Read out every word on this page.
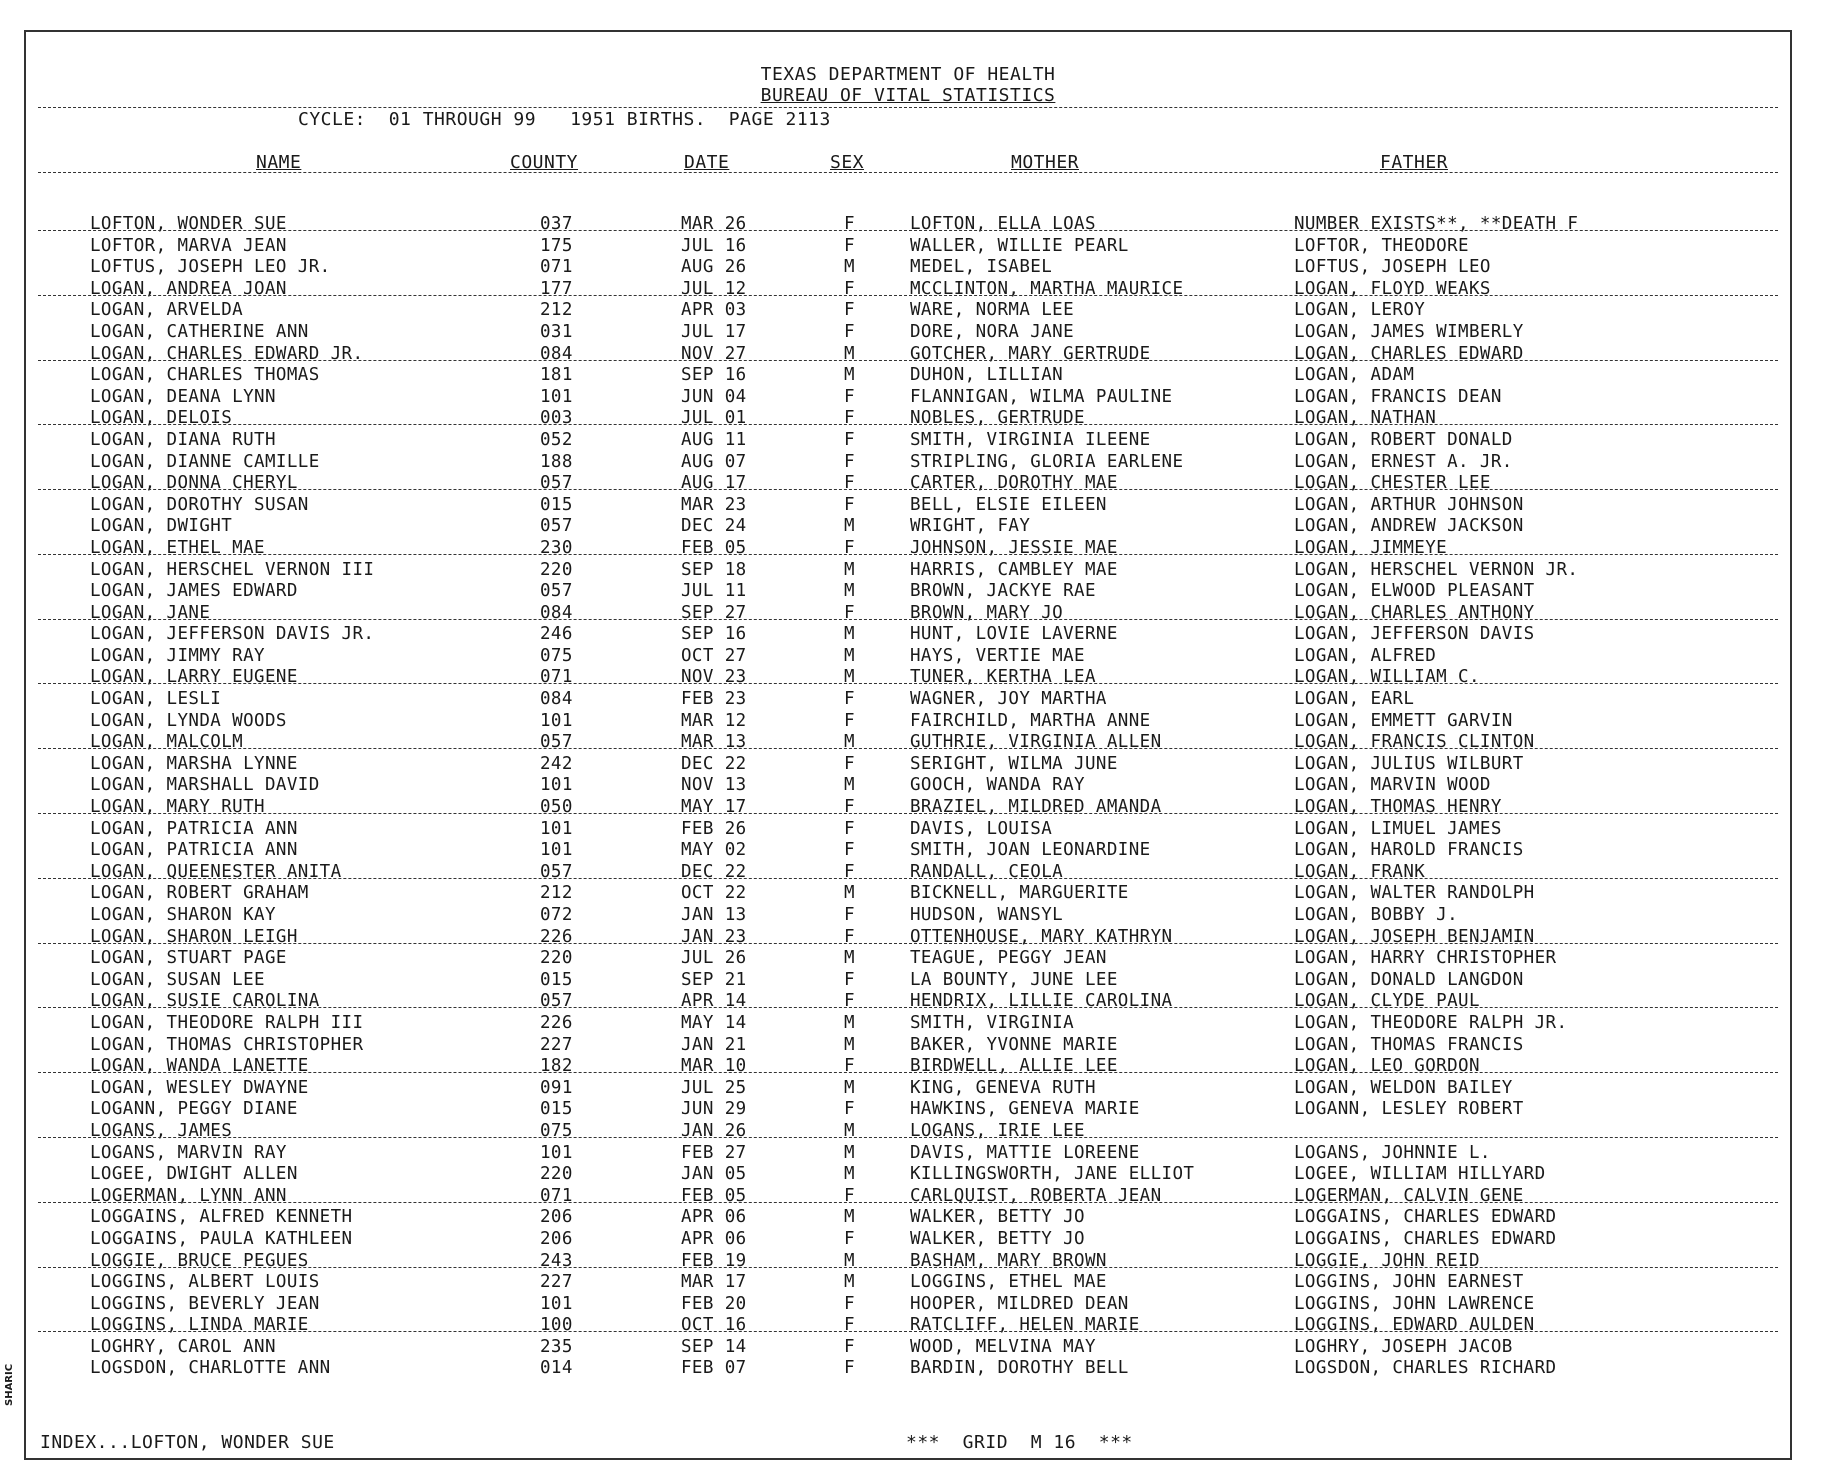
TEXAS DEPARTMENT OF HEALTH
BUREAU OF VITAL STATISTICS
CYCLE:  01 THROUGH 99   1951 BIRTHS.  PAGE 2113
NAME	COUNTY	DATE	SEX	MOTHER	FATHER
LOFTON, WONDER SUE	037	MAR 26	F	LOFTON, ELLA LOAS	NUMBER EXISTS**, **DEATH F
LOFTOR, MARVA JEAN	175	JUL 16	F	WALLER, WILLIE PEARL	LOFTOR, THEODORE
LOFTUS, JOSEPH LEO JR.	071	AUG 26	M	MEDEL, ISABEL	LOFTUS, JOSEPH LEO
LOGAN, ANDREA JOAN	177	JUL 12	F	MCCLINTON, MARTHA MAURICE	LOGAN, FLOYD WEAKS
LOGAN, ARVELDA	212	APR 03	F	WARE, NORMA LEE	LOGAN, LEROY
LOGAN, CATHERINE ANN	031	JUL 17	F	DORE, NORA JANE	LOGAN, JAMES WIMBERLY
LOGAN, CHARLES EDWARD JR.	084	NOV 27	M	GOTCHER, MARY GERTRUDE	LOGAN, CHARLES EDWARD
LOGAN, CHARLES THOMAS	181	SEP 16	M	DUHON, LILLIAN	LOGAN, ADAM
LOGAN, DEANA LYNN	101	JUN 04	F	FLANNIGAN, WILMA PAULINE	LOGAN, FRANCIS DEAN
LOGAN, DELOIS	003	JUL 01	F	NOBLES, GERTRUDE	LOGAN, NATHAN
LOGAN, DIANA RUTH	052	AUG 11	F	SMITH, VIRGINIA ILEENE	LOGAN, ROBERT DONALD
LOGAN, DIANNE CAMILLE	188	AUG 07	F	STRIPLING, GLORIA EARLENE	LOGAN, ERNEST A. JR.
LOGAN, DONNA CHERYL	057	AUG 17	F	CARTER, DOROTHY MAE	LOGAN, CHESTER LEE
LOGAN, DOROTHY SUSAN	015	MAR 23	F	BELL, ELSIE EILEEN	LOGAN, ARTHUR JOHNSON
LOGAN, DWIGHT	057	DEC 24	M	WRIGHT, FAY	LOGAN, ANDREW JACKSON
LOGAN, ETHEL MAE	230	FEB 05	F	JOHNSON, JESSIE MAE	LOGAN, JIMMEYE
LOGAN, HERSCHEL VERNON III	220	SEP 18	M	HARRIS, CAMBLEY MAE	LOGAN, HERSCHEL VERNON JR.
LOGAN, JAMES EDWARD	057	JUL 11	M	BROWN, JACKYE RAE	LOGAN, ELWOOD PLEASANT
LOGAN, JANE	084	SEP 27	F	BROWN, MARY JO	LOGAN, CHARLES ANTHONY
LOGAN, JEFFERSON DAVIS JR.	246	SEP 16	M	HUNT, LOVIE LAVERNE	LOGAN, JEFFERSON DAVIS
LOGAN, JIMMY RAY	075	OCT 27	M	HAYS, VERTIE MAE	LOGAN, ALFRED
LOGAN, LARRY EUGENE	071	NOV 23	M	TUNER, KERTHA LEA	LOGAN, WILLIAM C.
LOGAN, LESLI	084	FEB 23	F	WAGNER, JOY MARTHA	LOGAN, EARL
LOGAN, LYNDA WOODS	101	MAR 12	F	FAIRCHILD, MARTHA ANNE	LOGAN, EMMETT GARVIN
LOGAN, MALCOLM	057	MAR 13	M	GUTHRIE, VIRGINIA ALLEN	LOGAN, FRANCIS CLINTON
LOGAN, MARSHA LYNNE	242	DEC 22	F	SERIGHT, WILMA JUNE	LOGAN, JULIUS WILBURT
LOGAN, MARSHALL DAVID	101	NOV 13	M	GOOCH, WANDA RAY	LOGAN, MARVIN WOOD
LOGAN, MARY RUTH	050	MAY 17	F	BRAZIEL, MILDRED AMANDA	LOGAN, THOMAS HENRY
LOGAN, PATRICIA ANN	101	FEB 26	F	DAVIS, LOUISA	LOGAN, LIMUEL JAMES
LOGAN, PATRICIA ANN	101	MAY 02	F	SMITH, JOAN LEONARDINE	LOGAN, HAROLD FRANCIS
LOGAN, QUEENESTER ANITA	057	DEC 22	F	RANDALL, CEOLA	LOGAN, FRANK
LOGAN, ROBERT GRAHAM	212	OCT 22	M	BICKNELL, MARGUERITE	LOGAN, WALTER RANDOLPH
LOGAN, SHARON KAY	072	JAN 13	F	HUDSON, WANSYL	LOGAN, BOBBY J.
LOGAN, SHARON LEIGH	226	JAN 23	F	OTTENHOUSE, MARY KATHRYN	LOGAN, JOSEPH BENJAMIN
LOGAN, STUART PAGE	220	JUL 26	M	TEAGUE, PEGGY JEAN	LOGAN, HARRY CHRISTOPHER
LOGAN, SUSAN LEE	015	SEP 21	F	LA BOUNTY, JUNE LEE	LOGAN, DONALD LANGDON
LOGAN, SUSIE CAROLINA	057	APR 14	F	HENDRIX, LILLIE CAROLINA	LOGAN, CLYDE PAUL
LOGAN, THEODORE RALPH III	226	MAY 14	M	SMITH, VIRGINIA	LOGAN, THEODORE RALPH JR.
LOGAN, THOMAS CHRISTOPHER	227	JAN 21	M	BAKER, YVONNE MARIE	LOGAN, THOMAS FRANCIS
LOGAN, WANDA LANETTE	182	MAR 10	F	BIRDWELL, ALLIE LEE	LOGAN, LEO GORDON
LOGAN, WESLEY DWAYNE	091	JUL 25	M	KING, GENEVA RUTH	LOGAN, WELDON BAILEY
LOGANN, PEGGY DIANE	015	JUN 29	F	HAWKINS, GENEVA MARIE	LOGANN, LESLEY ROBERT
LOGANS, JAMES	075	JAN 26	M	LOGANS, IRIE LEE
LOGANS, MARVIN RAY	101	FEB 27	M	DAVIS, MATTIE LOREENE	LOGANS, JOHNNIE L.
LOGEE, DWIGHT ALLEN	220	JAN 05	M	KILLINGSWORTH, JANE ELLIOT	LOGEE, WILLIAM HILLYARD
LOGERMAN, LYNN ANN	071	FEB 05	F	CARLQUIST, ROBERTA JEAN	LOGERMAN, CALVIN GENE
LOGGAINS, ALFRED KENNETH	206	APR 06	M	WALKER, BETTY JO	LOGGAINS, CHARLES EDWARD
LOGGAINS, PAULA KATHLEEN	206	APR 06	F	WALKER, BETTY JO	LOGGAINS, CHARLES EDWARD
LOGGIE, BRUCE PEGUES	243	FEB 19	M	BASHAM, MARY BROWN	LOGGIE, JOHN REID
LOGGINS, ALBERT LOUIS	227	MAR 17	M	LOGGINS, ETHEL MAE	LOGGINS, JOHN EARNEST
LOGGINS, BEVERLY JEAN	101	FEB 20	F	HOOPER, MILDRED DEAN	LOGGINS, JOHN LAWRENCE
LOGGINS, LINDA MARIE	100	OCT 16	F	RATCLIFF, HELEN MARIE	LOGGINS, EDWARD AULDEN
LOGHRY, CAROL ANN	235	SEP 14	F	WOOD, MELVINA MAY	LOGHRY, JOSEPH JACOB
LOGSDON, CHARLOTTE ANN	014	FEB 07	F	BARDIN, DOROTHY BELL	LOGSDON, CHARLES RICHARD
INDEX...LOFTON, WONDER SUE	***  GRID  M 16  ***
SHARIC
